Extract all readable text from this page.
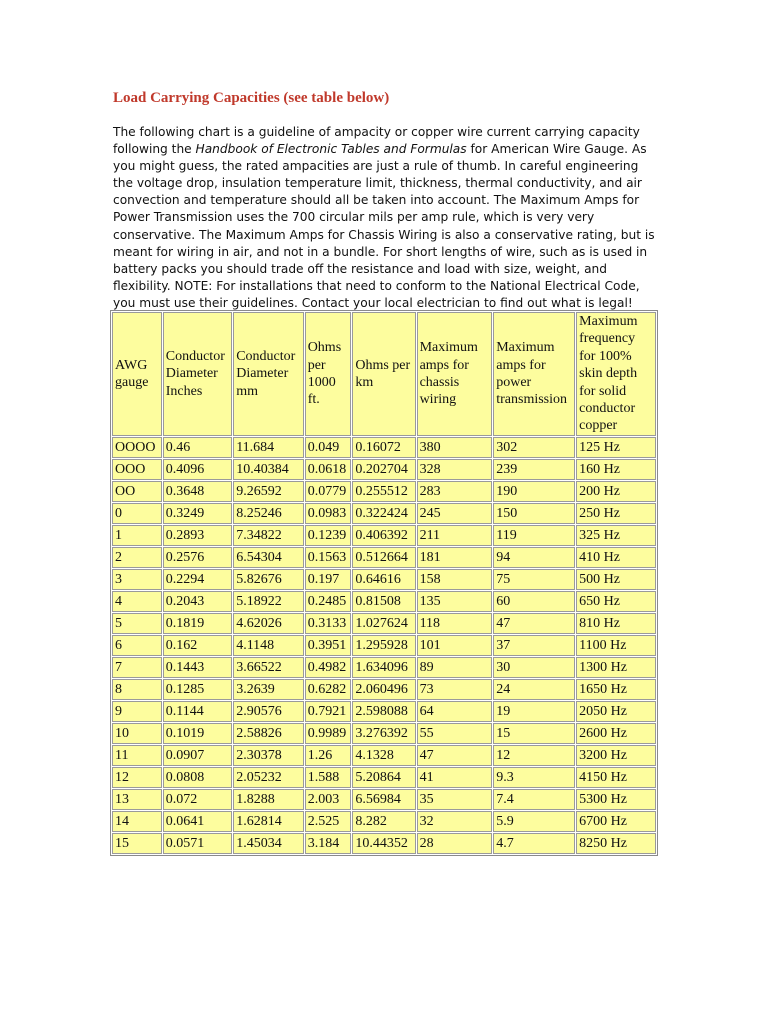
Load Carrying Capacities (see table below)

The following chart is a guideline of ampacity or copper wire current carrying capacity following the Handbook of Electronic Tables and Formulas for American Wire Gauge. As you might guess, the rated ampacities are just a rule of thumb. In careful engineering the voltage drop, insulation temperature limit, thickness, thermal conductivity, and air convection and temperature should all be taken into account. The Maximum Amps for Power Transmission uses the 700 circular mils per amp rule, which is very very conservative. The Maximum Amps for Chassis Wiring is also a conservative rating, but is meant for wiring in air, and not in a bundle. For short lengths of wire, such as is used in battery packs you should trade off the resistance and load with size, weight, and flexibility. NOTE: For installations that need to conform to the National Electrical Code, you must use their guidelines. Contact your local electrician to find out what is legal!

AWG gauge	Conductor Diameter Inches	Conductor Diameter mm	Ohms per 1000 ft.	Ohms per km	Maximum amps for chassis wiring	Maximum amps for power transmission	Maximum frequency for 100% skin depth for solid conductor copper
OOOO	0.46	11.684	0.049	0.16072	380	302	125 Hz
OOO	0.4096	10.40384	0.0618	0.202704	328	239	160 Hz
OO	0.3648	9.26592	0.0779	0.255512	283	190	200 Hz
0	0.3249	8.25246	0.0983	0.322424	245	150	250 Hz
1	0.2893	7.34822	0.1239	0.406392	211	119	325 Hz
2	0.2576	6.54304	0.1563	0.512664	181	94	410 Hz
3	0.2294	5.82676	0.197	0.64616	158	75	500 Hz
4	0.2043	5.18922	0.2485	0.81508	135	60	650 Hz
5	0.1819	4.62026	0.3133	1.027624	118	47	810 Hz
6	0.162	4.1148	0.3951	1.295928	101	37	1100 Hz
7	0.1443	3.66522	0.4982	1.634096	89	30	1300 Hz
8	0.1285	3.2639	0.6282	2.060496	73	24	1650 Hz
9	0.1144	2.90576	0.7921	2.598088	64	19	2050 Hz
10	0.1019	2.58826	0.9989	3.276392	55	15	2600 Hz
11	0.0907	2.30378	1.26	4.1328	47	12	3200 Hz
12	0.0808	2.05232	1.588	5.20864	41	9.3	4150 Hz
13	0.072	1.8288	2.003	6.56984	35	7.4	5300 Hz
14	0.0641	1.62814	2.525	8.282	32	5.9	6700 Hz
15	0.0571	1.45034	3.184	10.44352	28	4.7	8250 Hz
